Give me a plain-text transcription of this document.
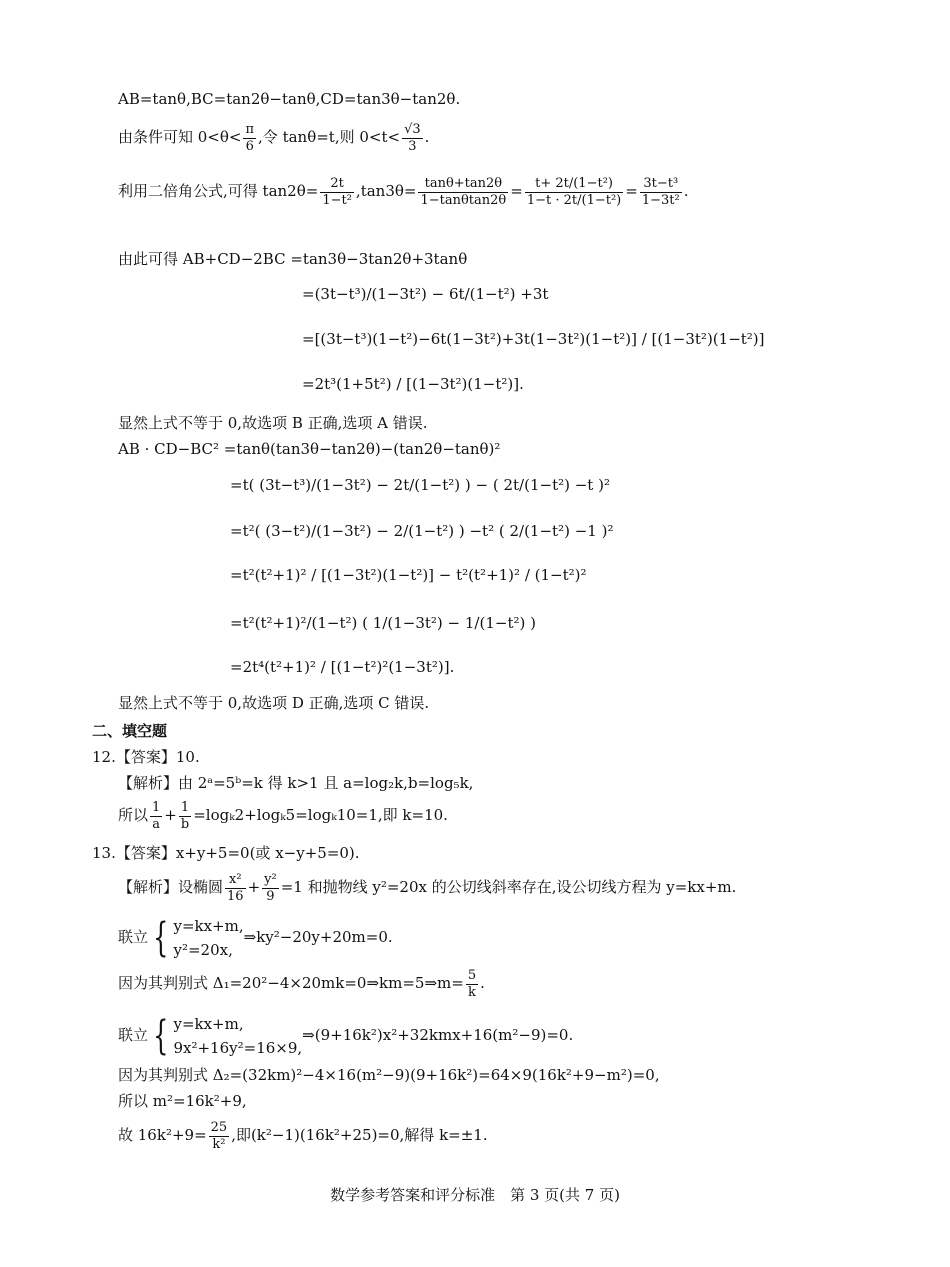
AB=tanθ,BC=tan2θ−tanθ,CD=tan3θ−tan2θ.
由条件可知 $0<\theta< \frac{\pi}{6}$ ,令 tanθ=t,则 $0<t< \frac{√3}{3}$ .
利用二倍角公式,可得 $\tan 2\theta= \frac{2t}{\text{1−t²}} ,\tan 3\theta= \frac{\tan\theta+\tan 2\theta}{1-\tan\theta\tan 2\theta} = \frac{\text{t+ 2t/(1−t²)}}{\text{1−t · 2t/(1−t²)}} = \frac{\text{3t−t³}}{\text{1−3t²}}$ .
由此可得 AB+CD−2BC =tan3θ−3tan2θ+3tanθ
=(3t−t³)/(1−3t²) − 6t/(1−t²) +3t
=[(3t−t³)(1−t²)−6t(1−3t²)+3t(1−3t²)(1−t²)] / [(1−3t²)(1−t²)]
=2t³(1+5t²) / [(1−3t²)(1−t²)].
显然上式不等于 0,故选项 B 正确,选项 A 错误.
AB · CD−BC² =tanθ(tan3θ−tan2θ)−(tan2θ−tanθ)²
=t( (3t−t³)/(1−3t²) − 2t/(1−t²) ) − ( 2t/(1−t²) −t )²
=t²( (3−t²)/(1−3t²) − 2/(1−t²) ) −t² ( 2/(1−t²) −1 )²
=t²(t²+1)² / [(1−3t²)(1−t²)] − t²(t²+1)² / (1−t²)²
=t²(t²+1)²/(1−t²) ( 1/(1−3t²) − 1/(1−t²) )
=2t⁴(t²+1)² / [(1−t²)²(1−3t²)].
显然上式不等于 0,故选项 D 正确,选项 C 错误.
二、填空题
12.【答案】10.
【解析】由 2ᵃ=5ᵇ=k 得 k>1 且 a=log₂k,b=log₅k,
所以 $\frac{1}{a} + \frac{1}{b} =\log_k2+\log_k5=\log_k10=1$,即 k=10.
13.【答案】x+y+5=0(或 x−y+5=0).
【解析】设椭圆 $\frac{\text{x²}}{16} + \frac{\text{y²}}{9} =1$ 和抛物线 y²=20x 的公切线斜率存在,设公切线方程为 y=kx+m.
联立 { y=kx+m,
y²=20x,
⇒ky²−20y+20m=0.
因为其判别式 Δ₁=20²−4×20mk=0⇒km=5⇒m= $\frac{5}{k}$ .
联立 { y=kx+m,
9x²+16y²=16×9,
⇒(9+16k²)x²+32kmx+16(m²−9)=0.
因为其判别式 Δ₂=(32km)²−4×16(m²−9)(9+16k²)=64×9(16k²+9−m²)=0,
所以 m²=16k²+9,
故 $16k^2+9= \frac{25}{\text{k²}}$ ,即(k²−1)(16k²+25)=0,解得 k=±1.
数学参考答案和评分标准　第 3 页(共 7 页)
